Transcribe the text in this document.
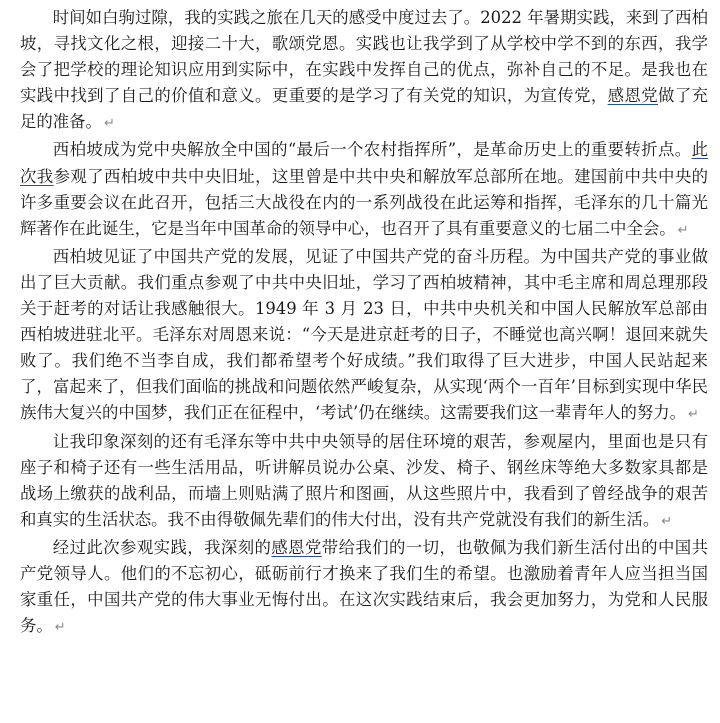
时间如白驹过隙，我的实践之旅在几天的感受中度过去了。2022 年暑期实践，来到了西柏坡，寻找文化之根，迎接二十大，歌颂党恩。实践也让我学到了从学校中学不到的东西，我学会了把学校的理论知识应用到实际中，在实践中发挥自己的优点，弥补自己的不足。是我也在实践中找到了自己的价值和意义。更重要的是学习了有关党的知识，为宣传党，感恩党做了充足的准备。 ↵

西柏坡成为党中央解放全中国的“最后一个农村指挥所”，是革命历史上的重要转折点。此次我参观了西柏坡中共中央旧址，这里曾是中共中央和解放军总部所在地。建国前中共中央的许多重要会议在此召开，包括三大战役在内的一系列战役在此运筹和指挥，毛泽东的几十篇光辉著作在此诞生，它是当年中国革命的领导中心，也召开了具有重要意义的七届二中全会。 ↵

西柏坡见证了中国共产党的发展，见证了中国共产党的奋斗历程。为中国共产党的事业做出了巨大贡献。我们重点参观了中共中央旧址，学习了西柏坡精神，其中毛主席和周总理那段关于赶考的对话让我感触很大。1949 年 3 月 23 日，中共中央机关和中国人民解放军总部由西柏坡进驻北平。毛泽东对周恩来说：“今天是进京赶考的日子，不睡觉也高兴啊！退回来就失败了。我们绝不当李自成，我们都希望考个好成绩。”我们取得了巨大进步，中国人民站起来了，富起来了，但我们面临的挑战和问题依然严峻复杂，从实现‘两个一百年’目标到实现中华民族伟大复兴的中国梦，我们正在征程中，‘考试’仍在继续。这需要我们这一辈青年人的努力。 ↵

让我印象深刻的还有毛泽东等中共中央领导的居住环境的艰苦，参观屋内，里面也是只有座子和椅子还有一些生活用品，听讲解员说办公桌、沙发、椅子、钢丝床等绝大多数家具都是战场上缴获的战利品，而墙上则贴满了照片和图画，从这些照片中，我看到了曾经战争的艰苦和真实的生活状态。我不由得敬佩先辈们的伟大付出，没有共产党就没有我们的新生活。 ↵

经过此次参观实践，我深刻的感恩党带给我们的一切，也敬佩为我们新生活付出的中国共产党领导人。他们的不忘初心，砥砺前行才换来了我们生的希望。也激励着青年人应当担当国家重任，中国共产党的伟大事业无悔付出。在这次实践结束后，我会更加努力，为党和人民服务。 ↵
